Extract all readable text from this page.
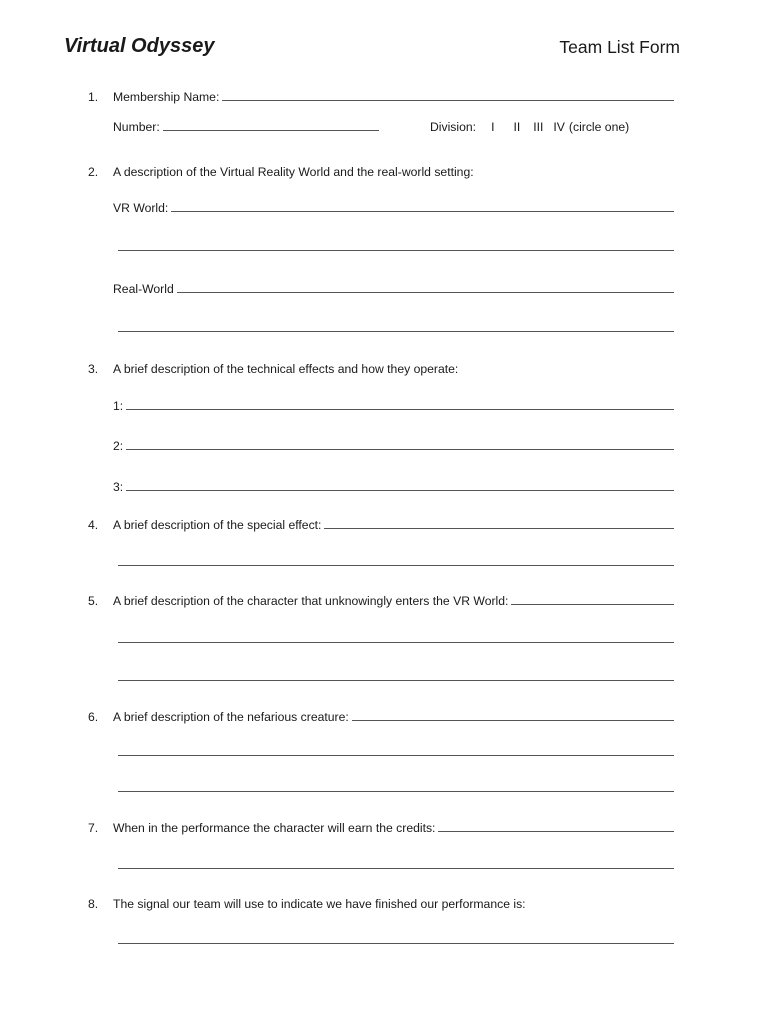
Virtual Odyssey	Team List Form
1. Membership Name:
Number:	Division: I II III IV (circle one)
2. A description of the Virtual Reality World and the real-world setting:
VR World:
Real-World
3. A brief description of the technical effects and how they operate:
1:
2:
3:
4. A brief description of the special effect:
5. A brief description of the character that unknowingly enters the VR World:
6. A brief description of the nefarious creature:
7. When in the performance the character will earn the credits:
8. The signal our team will use to indicate we have finished our performance is:
